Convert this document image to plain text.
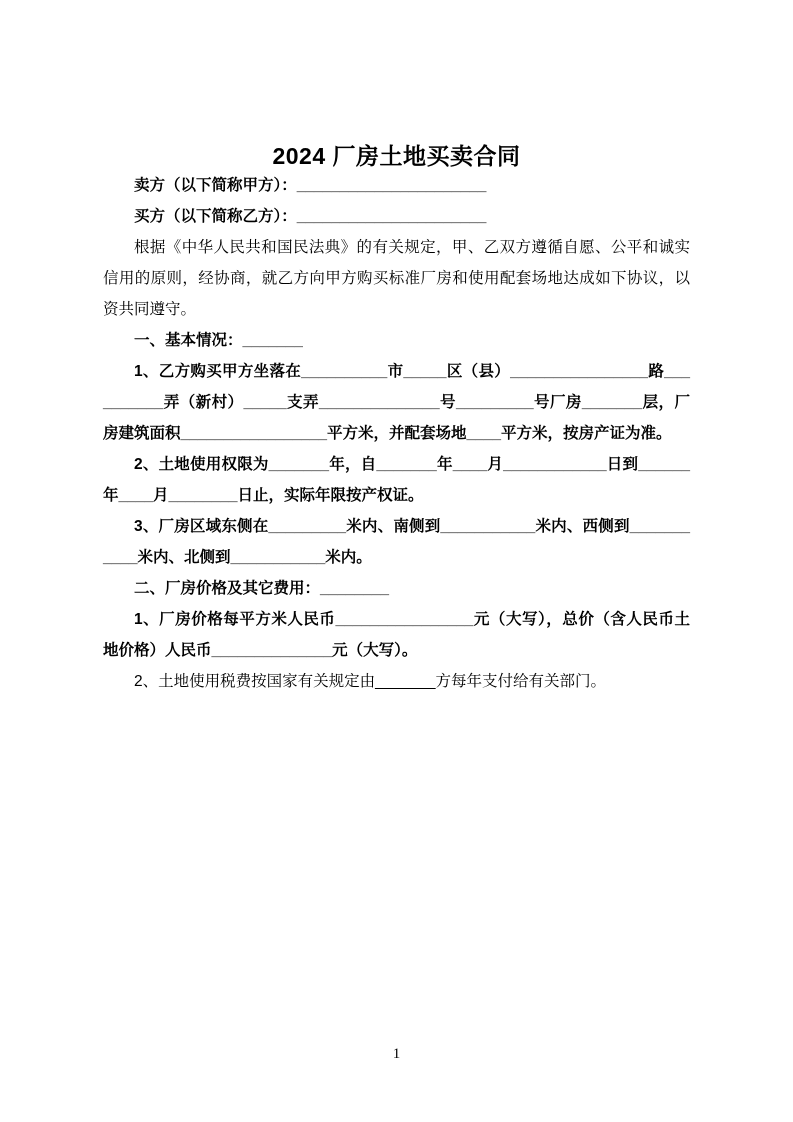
2024 厂房土地买卖合同

卖方（以下简称甲方）：______________________

买方（以下简称乙方）：______________________

根据《中华人民共和国民法典》的有关规定，甲、乙双方遵循自愿、公平和诚实信用的原则，经协商，就乙方向甲方购买标准厂房和使用配套场地达成如下协议，以资共同遵守。

一、基本情况：_______

1、乙方购买甲方坐落在__________市_____区（县）________________路__________弄（新村）_____支弄______________号_________号厂房_______层，厂房建筑面积_________________平方米，并配套场地____平方米，按房产证为准。

2、土地使用权限为_______年，自_______年____月____________日到______年____月________日止，实际年限按产权证。

3、厂房区域东侧在_________米内、南侧到___________米内、西侧到___________米内、北侧到___________米内。

二、厂房价格及其它费用：________

1、厂房价格每平方米人民币________________元（大写），总价（含人民币土地价格）人民币______________元（大写）。

2、土地使用税费按国家有关规定由_______方每年支付给有关部门。

1
